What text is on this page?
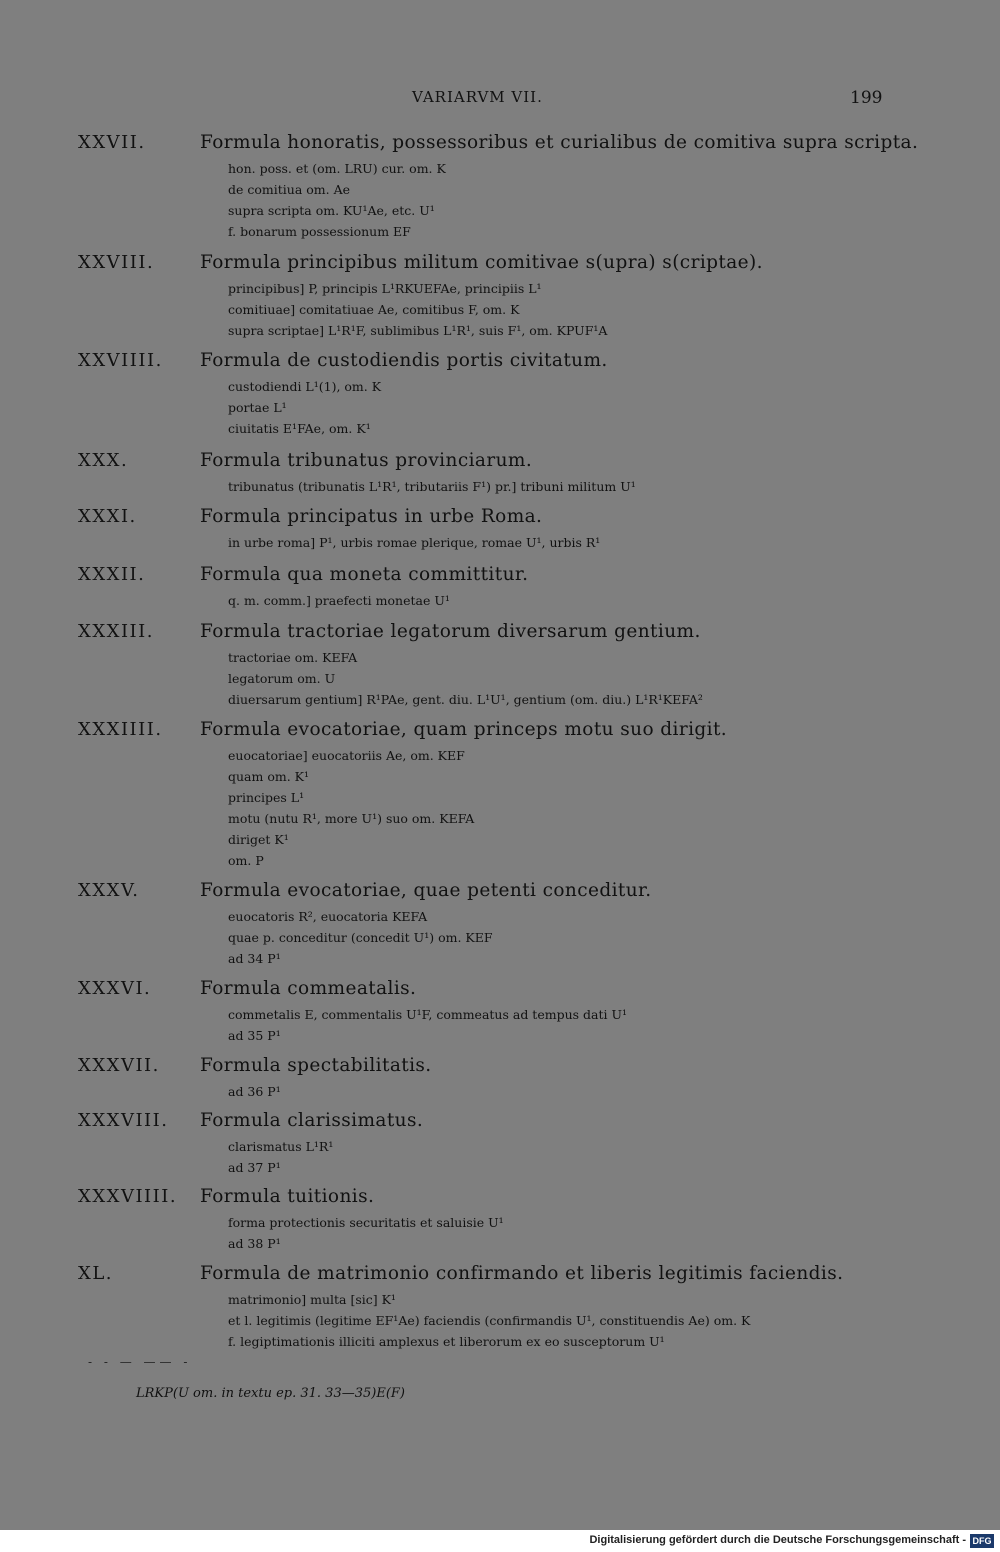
VARIARVM VII.	199
XXVII.	Formula honoratis, possessoribus et curialibus de comitiva supra scripta.
hon. poss. et (om. LRU) cur. om. K
de comitiua om. Ae
supra scripta om. KU¹Ae, etc. U¹
f. bonarum possessionum EF
XXVIII. Formula principibus militum comitivae s(upra) s(criptae).
principibus] P, principis L¹RKUEFAe, principiis L¹
comitiuae] comitatiuae Ae, comitibus F, om. K
supra scriptae] L¹R¹F, sublimibus L¹R¹, suis F¹, om. KPUF¹A
XXVIIII. Formula de custodiendis portis civitatum.
custodiendi L¹(1), om. K
portae L¹
ciuitatis E¹FAe, om. K¹
XXX.	Formula tribunatus provinciarum.
tribunatus (tribunatis L¹R¹, tributariis F¹) pr.] tribuni militum U¹
XXXI.	Formula principatus in urbe Roma.
in urbe roma] P¹, urbis romae plerique, romae U¹, urbis R¹
XXXII.	Formula qua moneta committitur.
q. m. comm.] praefecti monetae U¹
XXXIII. Formula tractoriae legatorum diversarum gentium.
tractoriae om. KEFA
legatorum om. U
diuersarum gentium] R¹PAe, gent. diu. L¹U¹, gentium (om. diu.) L¹R¹KEFA²
XXXIIII. Formula evocatoriae, quam princeps motu suo dirigit.
euocatoriae] euocatoriis Ae, om. KEF
quam om. K¹
principes L¹
motu (nutu R¹, more U¹) suo om. KEFA
diriget K¹
om. P
XXXV.	Formula evocatoriae, quae petenti conceditur.
euocatoris R², euocatoria KEFA
quae p. conceditur (concedit U¹) om. KEF
ad 34 P¹
XXXVI.	Formula commeatalis.
commetalis E, commentalis U¹F, commeatus ad tempus dati U¹
ad 35 P¹
XXXVII. Formula spectabilitatis.
ad 36 P¹
XXXVIII. Formula clarissimatus.
clarismatus L¹R¹
ad 37 P¹
XXXVIIII. Formula tuitionis.
forma protectionis securitatis et saluisie U¹
ad 38 P¹
XL.	Formula de matrimonio confirmando et liberis legitimis faciendis.
matrimonio] multa [sic] K¹
et l. legitimis (legitime EF¹Ae) faciendis (confirmandis U¹, constituendis Ae) om. K
f. legiptimationis illiciti amplexus et liberorum ex eo susceptorum U¹
- - — —— -
LRKP(U om. in textu ep. 31. 33—35)E(F)
Digitalisierung gefördert durch die Deutsche Forschungsgemeinschaft - DFG
